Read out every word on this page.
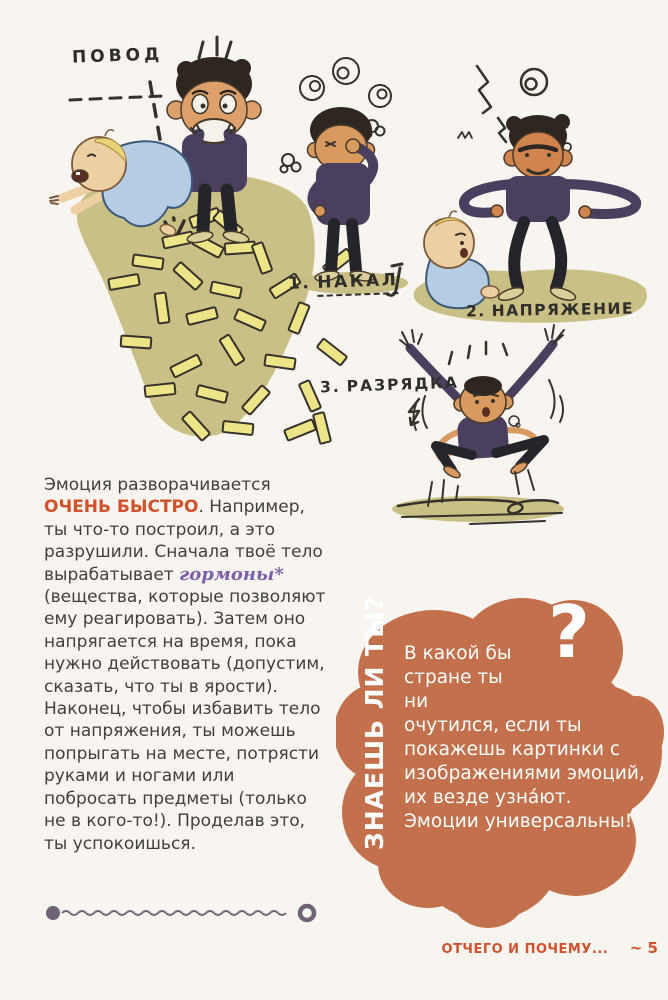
ПОВОД
1. НАКАЛ
2. НАПРЯЖЕНИЕ
3. РАЗРЯДКА

Эмоция разворачивается ОЧЕНЬ БЫСТРО. Например, ты что-то построил, а это разрушили. Сначала твоё тело вырабатывает гормоны* (вещества, которые позволяют ему реагировать). Затем оно напрягается на время, пока нужно действовать (допустим, сказать, что ты в ярости). Наконец, чтобы избавить тело от напряжения, ты можешь попрыгать на месте, потрясти руками и ногами или побросать предметы (только не в кого-то!). Проделав это, ты успокоишься.	ЗНАЕШЬ ЛИ ТЫ? ?
В какой бы стране ты ни очутился, если ты покажешь картинки с изображениями эмоций, их везде узна́ют. Эмоции универсальны!
ОТЧЕГО И ПОЧЕМУ... ~ 5
